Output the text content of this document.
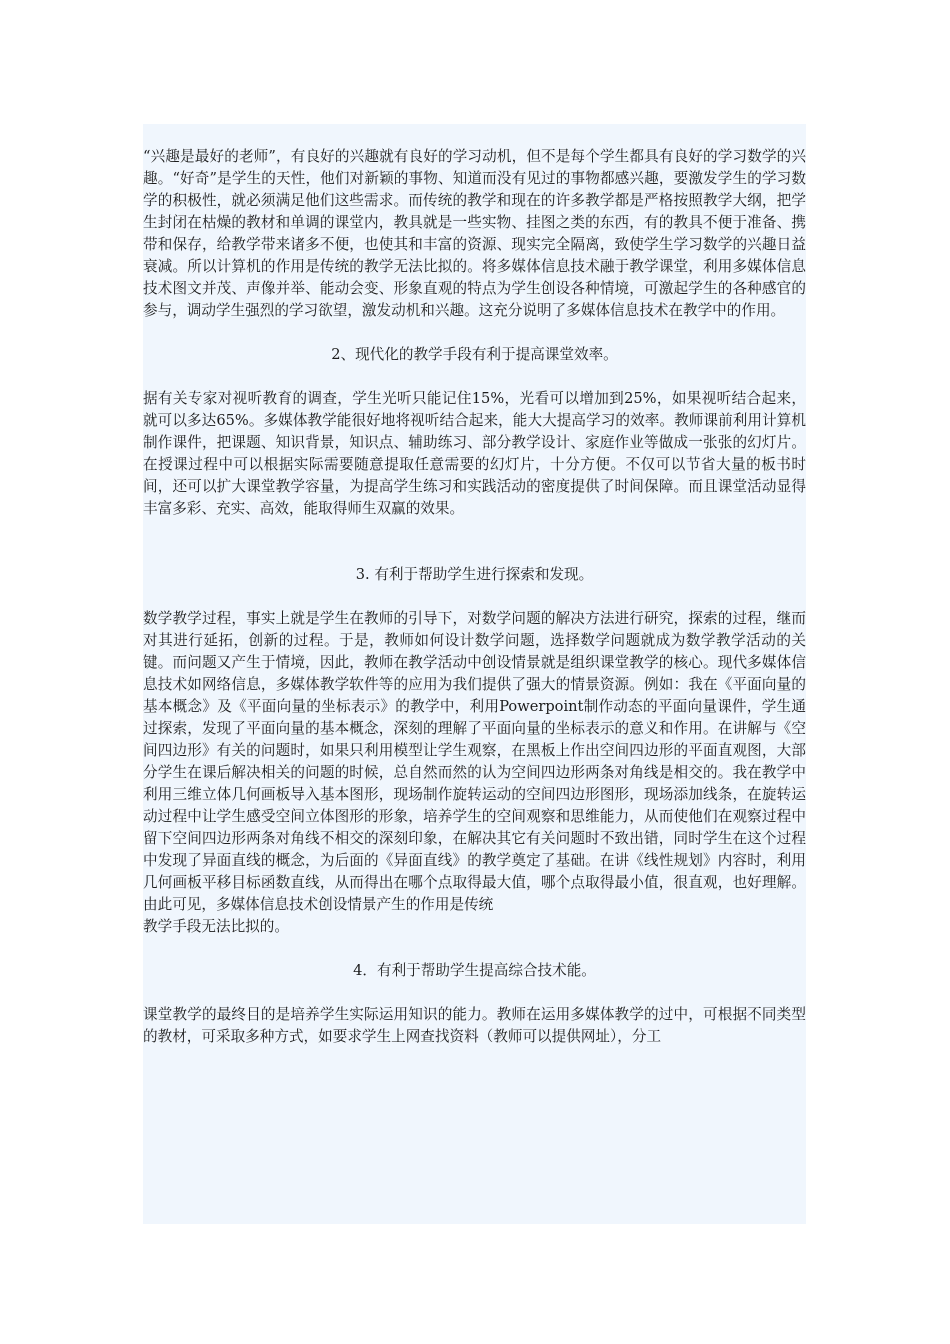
“兴趣是最好的老师”，有良好的兴趣就有良好的学习动机，但不是每个学生都具有良好的学习数学的兴趣。“好奇”是学生的天性，他们对新颖的事物、知道而没有见过的事物都感兴趣，要激发学生的学习数学的积极性，就必须满足他们这些需求。而传统的教学和现在的许多教学都是严格按照教学大纲，把学生封闭在枯燥的教材和单调的课堂内，教具就是一些实物、挂图之类的东西，有的教具不便于准备、携带和保存，给教学带来诸多不便，也使其和丰富的资源、现实完全隔离，致使学生学习数学的兴趣日益衰减。所以计算机的作用是传统的教学无法比拟的。将多媒体信息技术融于教学课堂，利用多媒体信息技术图文并茂、声像并举、能动会变、形象直观的特点为学生创设各种情境，可激起学生的各种感官的参与，调动学生强烈的学习欲望，激发动机和兴趣。这充分说明了多媒体信息技术在教学中的作用。

2、现代化的教学手段有利于提高课堂效率。

据有关专家对视听教育的调查，学生光听只能记住15%，光看可以增加到25%，如果视听结合起来，就可以多达65%。多媒体教学能很好地将视听结合起来，能大大提高学习的效率。教师课前利用计算机制作课件，把课题、知识背景，知识点、辅助练习、部分教学设计、家庭作业等做成一张张的幻灯片。在授课过程中可以根据实际需要随意提取任意需要的幻灯片，十分方便。不仅可以节省大量的板书时间，还可以扩大课堂教学容量，为提高学生练习和实践活动的密度提供了时间保障。而且课堂活动显得丰富多彩、充实、高效，能取得师生双赢的效果。

3. 有利于帮助学生进行探索和发现。

数学教学过程，事实上就是学生在教师的引导下，对数学问题的解决方法进行研究，探索的过程，继而对其进行延拓，创新的过程。于是，教师如何设计数学问题，选择数学问题就成为数学教学活动的关键。而问题又产生于情境，因此，教师在教学活动中创设情景就是组织课堂教学的核心。现代多媒体信息技术如网络信息，多媒体教学软件等的应用为我们提供了强大的情景资源。例如：我在《平面向量的基本概念》及《平面向量的坐标表示》的教学中，利用Powerpoint制作动态的平面向量课件，学生通过探索，发现了平面向量的基本概念，深刻的理解了平面向量的坐标表示的意义和作用。在讲解与《空间四边形》有关的问题时，如果只利用模型让学生观察，在黑板上作出空间四边形的平面直观图，大部分学生在课后解决相关的问题的时候，总自然而然的认为空间四边形两条对角线是相交的。我在教学中利用三维立体几何画板导入基本图形，现场制作旋转运动的空间四边形图形，现场添加线条，在旋转运动过程中让学生感受空间立体图形的形象，培养学生的空间观察和思维能力，从而使他们在观察过程中留下空间四边形两条对角线不相交的深刻印象，在解决其它有关问题时不致出错，同时学生在这个过程中发现了异面直线的概念，为后面的《异面直线》的教学奠定了基础。在讲《线性规划》内容时，利用几何画板平移目标函数直线，从而得出在哪个点取得最大值，哪个点取得最小值，很直观，也好理解。由此可见，多媒体信息技术创设情景产生的作用是传统
教学手段无法比拟的。

4．有利于帮助学生提高综合技术能。

课堂教学的最终目的是培养学生实际运用知识的能力。教师在运用多媒体教学的过中，可根据不同类型的教材，可采取多种方式，如要求学生上网查找资料（教师可以提供网址），分工
